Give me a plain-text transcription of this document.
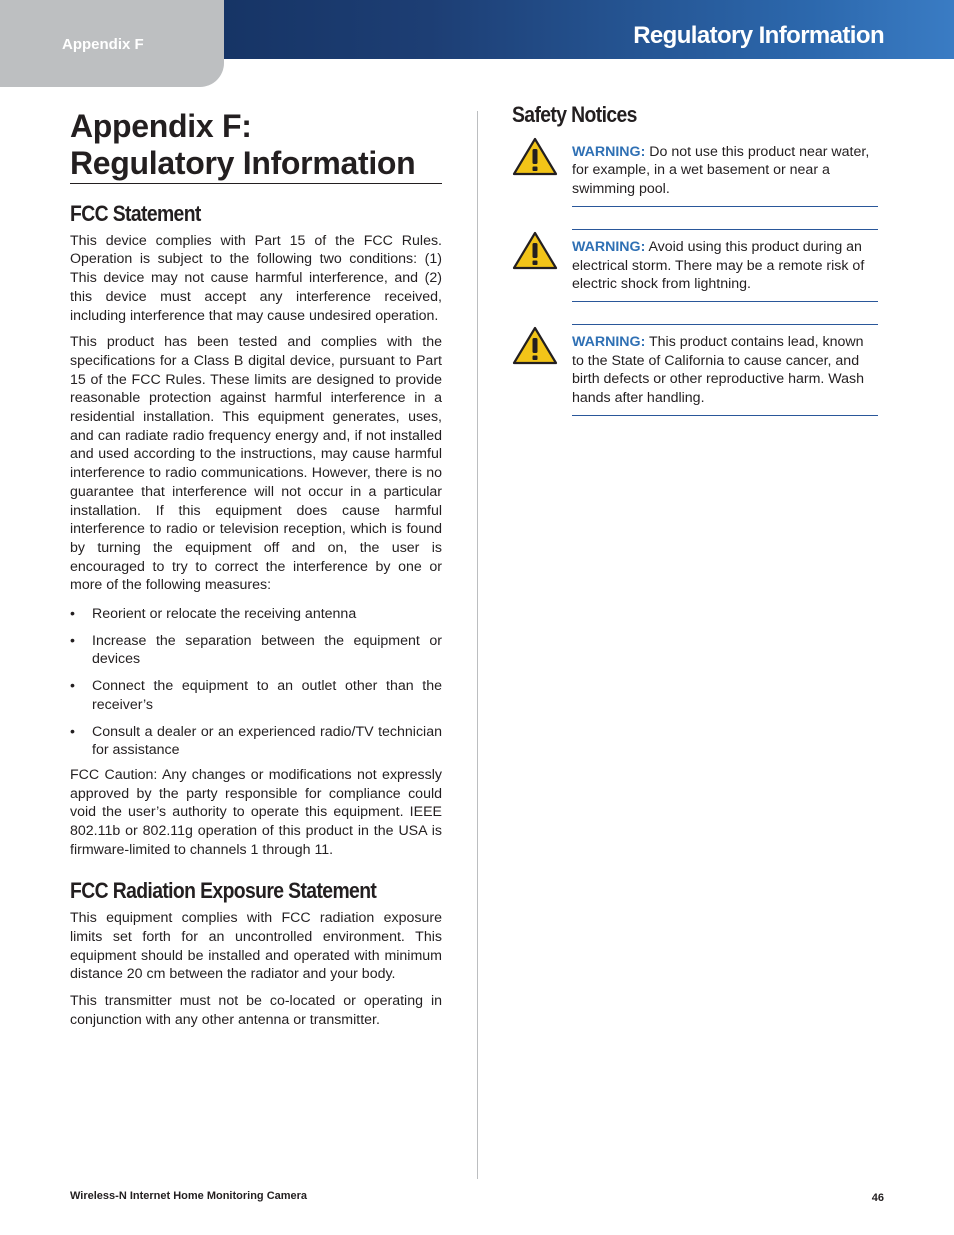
Regulatory Information
Appendix F
Appendix F:
Regulatory Information
FCC Statement

This device complies with Part 15 of the FCC Rules. Operation is subject to the following two conditions: (1) This device may not cause harmful interference, and (2) this device must accept any interference received, including interference that may cause undesired operation.

This product has been tested and complies with the specifications for a Class B digital device, pursuant to Part 15 of the FCC Rules. These limits are designed to provide reasonable protection against harmful interference in a residential installation. This equipment generates, uses, and can radiate radio frequency energy and, if not installed and used according to the instructions, may cause harmful interference to radio communications. However, there is no guarantee that interference will not occur in a particular installation. If this equipment does cause harmful interference to radio or television reception, which is found by turning the equipment off and on, the user is encouraged to try to correct the interference by one or more of the following measures:

• Reorient or relocate the receiving antenna
• Increase the separation between the equipment or devices
• Connect the equipment to an outlet other than the receiver’s
• Consult a dealer or an experienced radio/TV technician for assistance

FCC Caution: Any changes or modifications not expressly approved by the party responsible for compliance could void the user’s authority to operate this equipment. IEEE 802.11b or 802.11g operation of this product in the USA is firmware-limited to channels 1 through 11.

FCC Radiation Exposure Statement

This equipment complies with FCC radiation exposure limits set forth for an uncontrolled environment. This equipment should be installed and operated with minimum distance 20 cm between the radiator and your body.

This transmitter must not be co-located or operating in conjunction with any other antenna or transmitter.

Safety Notices
WARNING: Do not use this product near water, for example, in a wet basement or near a swimming pool.
WARNING: Avoid using this product during an electrical storm. There may be a remote risk of electric shock from lightning.
WARNING: This product contains lead, known to the State of California to cause cancer, and birth defects or other reproductive harm. Wash hands after handling.
Wireless-N Internet Home Monitoring Camera	46
